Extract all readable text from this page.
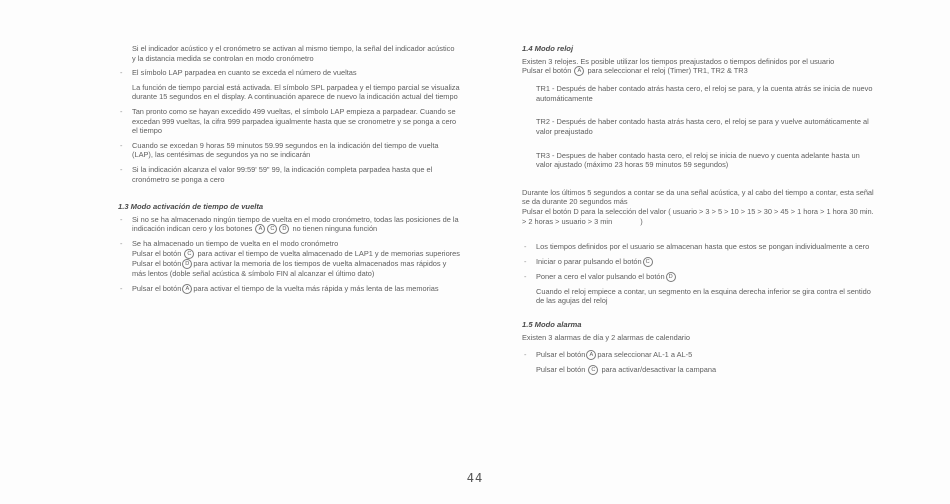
Si el indicador acústico y el cronómetro se activan al mismo tiempo, la señal del indicador acústico y la distancia medida se controlan en modo cronómetro
- El símbolo LAP parpadea en cuanto se exceda el número de vueltas
La función de tiempo parcial está activada. El símbolo SPL parpadea y el tiempo parcial se visualiza durante 15 segundos en el display. A continuación aparece de nuevo la indicación actual del tiempo
- Tan pronto como se hayan excedido 499 vueltas, el símbolo LAP empieza a parpadear. Cuando se excedan 999 vueltas, la cifra 999 parpadea igualmente hasta que se cronometre y se ponga a cero el tiempo
- Cuando se excedan 9 horas 59 minutos 59.99 segundos en la indicación del tiempo de vuelta (LAP), las centésimas de segundos ya no se indicarán
- Si la indicación alcanza el valor 99:59' 59" 99, la indicación completa parpadea hasta que el cronómetro se ponga a cero
1.3 Modo activación de tiempo de vuelta
- Si no se ha almacenado ningún tiempo de vuelta en el modo cronómetro, todas las posiciones de la indicación indican cero y los botones A C D no tienen ninguna función
- Se ha almacenado un tiempo de vuelta en el modo cronómetro
Pulsar el botón C para activar el tiempo de vuelta almacenado de LAP1 y de memorias superiores
Pulsar el botón D para activar la memoria de los tiempos de vuelta almacenados mas rápidos y más lentos (doble señal acústica & símbolo FIN al alcanzar el último dato)
- Pulsar el botón A para activar el tiempo de la vuelta más rápida y más lenta de las memorias
1.4 Modo reloj
Existen 3 relojes. Es posible utilizar los tiempos preajustados o tiempos definidos por el usuario
Pulsar el botón A para seleccionar el reloj (Timer) TR1, TR2 & TR3
TR1 - Después de haber contado atrás hasta cero, el reloj se para, y la cuenta atrás se inicia de nuevo automáticamente
TR2 - Después de haber contado hasta atrás hasta cero, el reloj se para y vuelve automáticamente al valor preajustado
TR3 - Despues de haber contado hasta cero, el reloj se inicia de nuevo y cuenta adelante hasta un valor ajustado (máximo 23 horas 59 minutos 59 segundos)
Durante los últimos 5 segundos a contar se da una señal acústica, y al cabo del tiempo a contar, esta señal se da durante 20 segundos más
Pulsar el botón D para la selección del valor ( usuario > 3 > 5 > 10 > 15 > 30 > 45 > 1 hora > 1 hora 30 min. > 2 horas > usuario > 3 min	)
- Los tiempos definidos por el usuario se almacenan hasta que estos se pongan individualmente a cero
- Iniciar o parar pulsando el botón C
- Poner a cero el valor pulsando el botón D
Cuando el reloj empiece a contar, un segmento en la esquina derecha inferior se gira contra el sentido de las agujas del reloj
1.5 Modo alarma
Existen 3 alarmas de día y 2 alarmas de calendario
- Pulsar el botón A para seleccionar AL-1 a AL-5
Pulsar el botón C para activar/desactivar la campana
44
